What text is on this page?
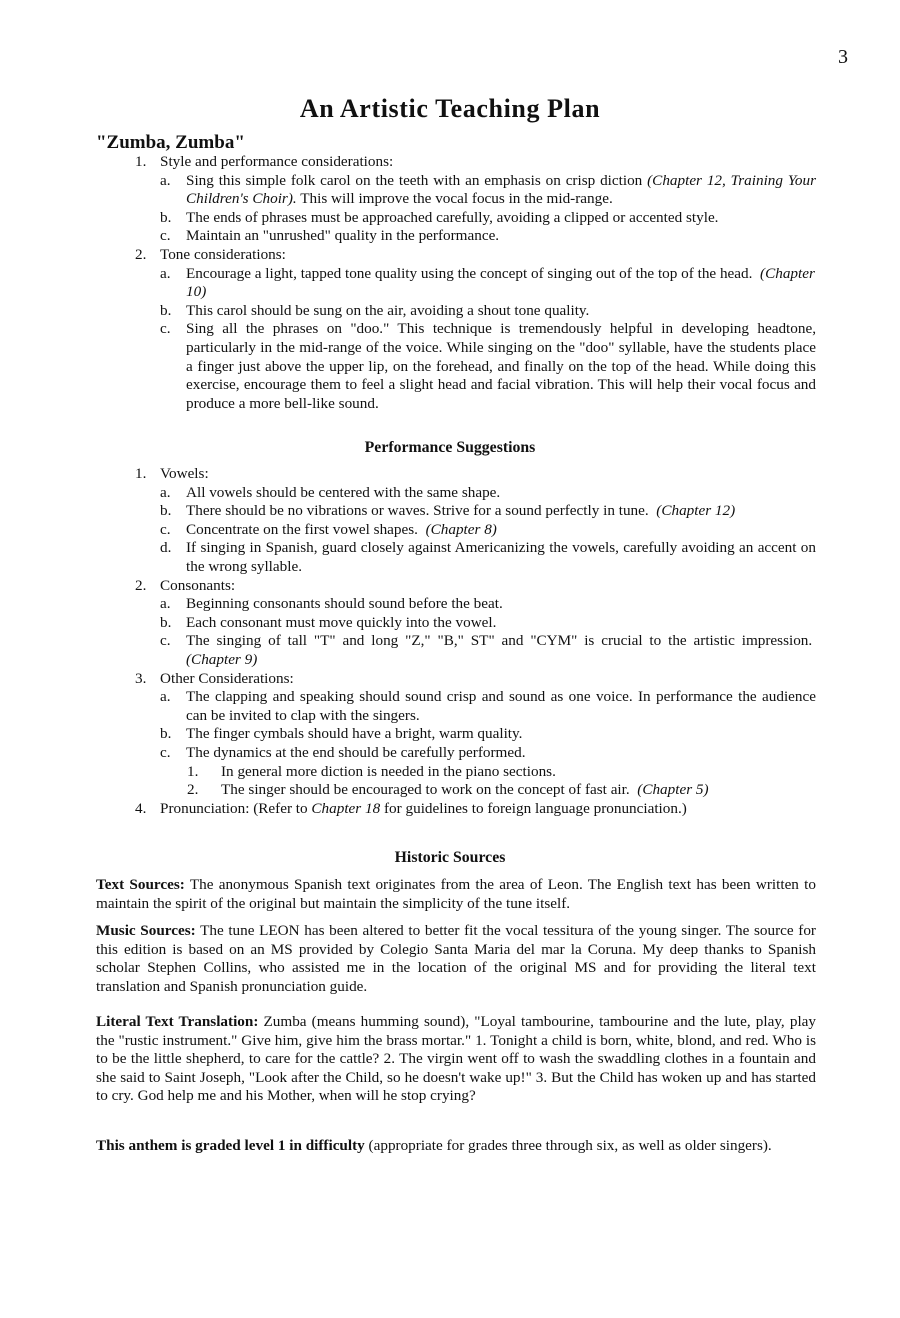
3
An Artistic Teaching Plan
"Zumba, Zumba"
1. Style and performance considerations:
a. Sing this simple folk carol on the teeth with an emphasis on crisp diction (Chapter 12, Training Your Children's Choir). This will improve the vocal focus in the mid-range.
b. The ends of phrases must be approached carefully, avoiding a clipped or accented style.
c. Maintain an "unrushed" quality in the performance.
2. Tone considerations:
a. Encourage a light, tapped tone quality using the concept of singing out of the top of the head. (Chapter 10)
b. This carol should be sung on the air, avoiding a shout tone quality.
c. Sing all the phrases on "doo." This technique is tremendously helpful in developing headtone, particularly in the mid-range of the voice. While singing on the "doo" syllable, have the students place a finger just above the upper lip, on the forehead, and finally on the top of the head. While doing this exercise, encourage them to feel a slight head and facial vibration. This will help their vocal focus and produce a more bell-like sound.
Performance Suggestions
1. Vowels:
a. All vowels should be centered with the same shape.
b. There should be no vibrations or waves. Strive for a sound perfectly in tune. (Chapter 12)
c. Concentrate on the first vowel shapes. (Chapter 8)
d. If singing in Spanish, guard closely against Americanizing the vowels, carefully avoiding an accent on the wrong syllable.
2. Consonants:
a. Beginning consonants should sound before the beat.
b. Each consonant must move quickly into the vowel.
c. The singing of tall "T" and long "Z," "B," ST" and "CYM" is crucial to the artistic impression.  (Chapter 9)
3. Other Considerations:
a. The clapping and speaking should sound crisp and sound as one voice. In performance the audience can be invited to clap with the singers.
b. The finger cymbals should have a bright, warm quality.
c. The dynamics at the end should be carefully performed.
1. In general more diction is needed in the piano sections.
2. The singer should be encouraged to work on the concept of fast air. (Chapter 5)
4. Pronunciation: (Refer to Chapter 18 for guidelines to foreign language pronunciation.)
Historic Sources
Text Sources: The anonymous Spanish text originates from the area of Leon. The English text has been written to maintain the spirit of the original but maintain the simplicity of the tune itself.
Music Sources: The tune LEON has been altered to better fit the vocal tessitura of the young singer. The source for this edition is based on an MS provided by Colegio Santa Maria del mar la Coruna. My deep thanks to Spanish scholar Stephen Collins, who assisted me in the location of the original MS and for providing the literal text translation and Spanish pronunciation guide.
Literal Text Translation: Zumba (means humming sound), "Loyal tambourine, tambourine and the lute, play, play the "rustic instrument." Give him, give him the brass mortar." 1. Tonight a child is born, white, blond, and red. Who is to be the little shepherd, to care for the cattle? 2. The virgin went off to wash the swaddling clothes in a fountain and she said to Saint Joseph, "Look after the Child, so he doesn't wake up!" 3. But the Child has woken up and has started to cry. God help me and his Mother, when will he stop crying?
This anthem is graded level 1 in difficulty (appropriate for grades three through six, as well as older singers).
